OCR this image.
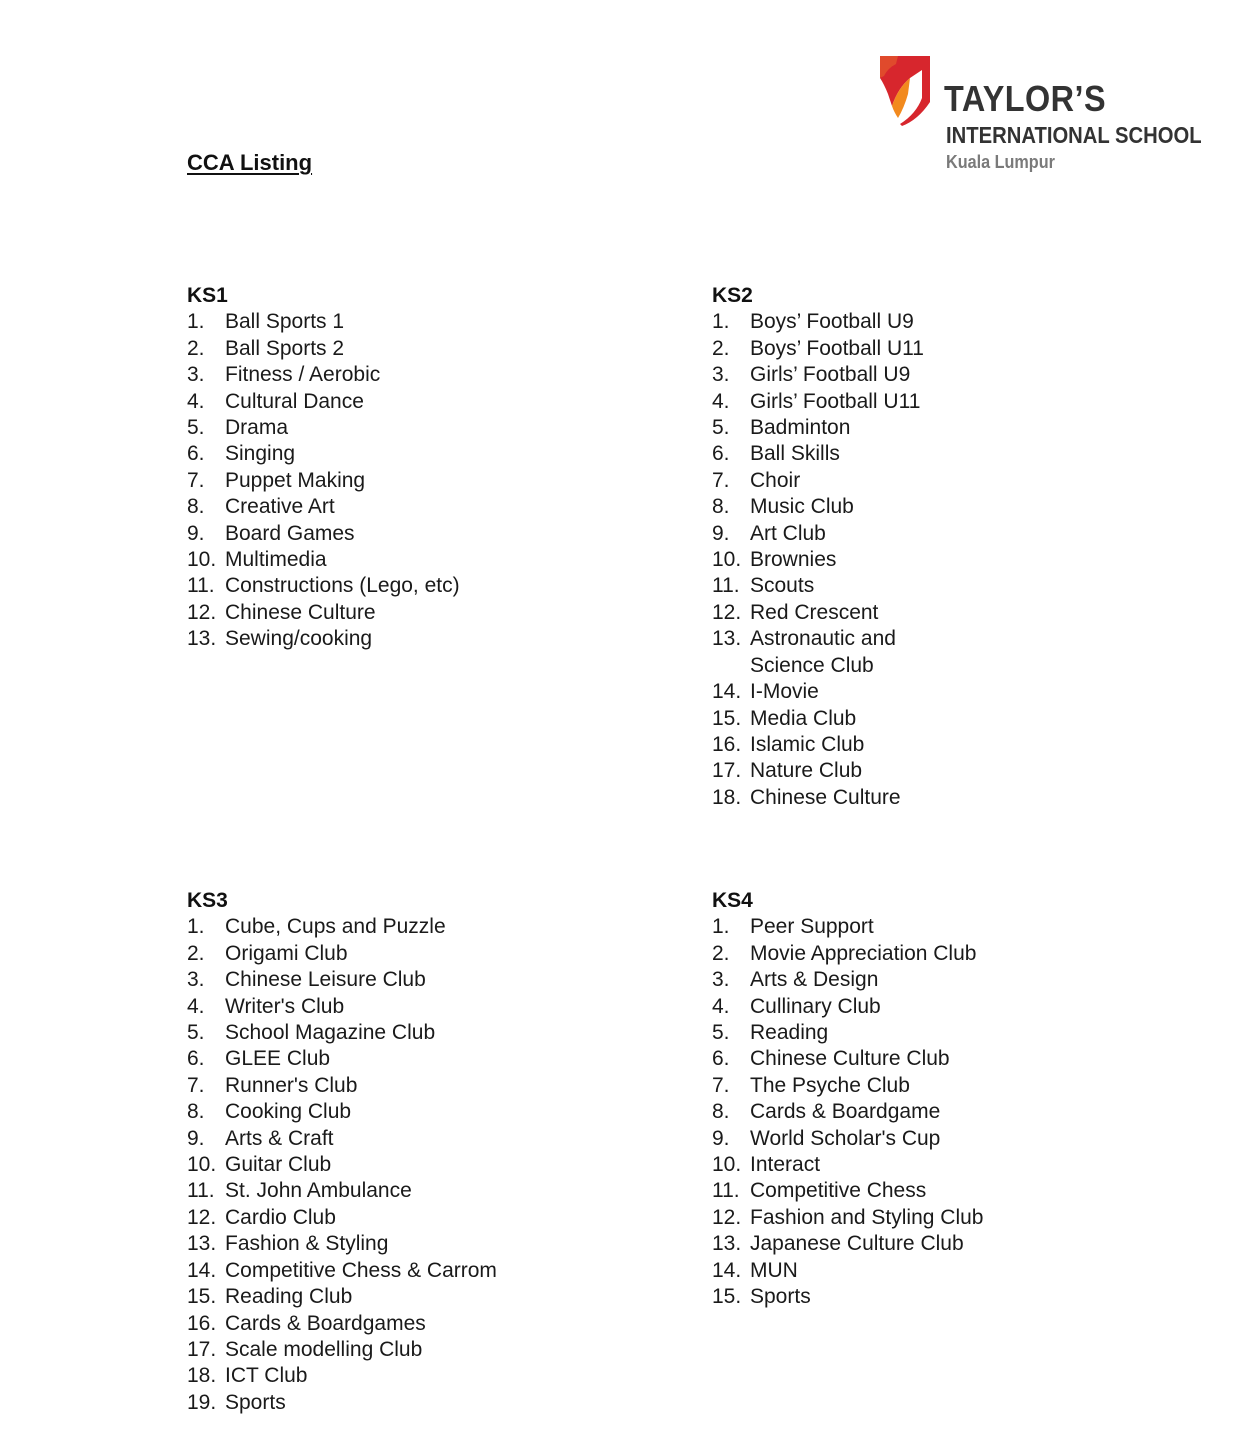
CCA Listing
TAYLOR’S
INTERNATIONAL SCHOOL
Kuala Lumpur
KS1
1. Ball Sports 1
2. Ball Sports 2
3. Fitness / Aerobic
4. Cultural Dance
5. Drama
6. Singing
7. Puppet Making
8. Creative Art
9. Board Games
10. Multimedia
11. Constructions (Lego, etc)
12. Chinese Culture
13. Sewing/cooking
KS2
1. Boys’ Football U9
2. Boys’ Football U11
3. Girls’ Football U9
4. Girls’ Football U11
5. Badminton
6. Ball Skills
7. Choir
8. Music Club
9. Art Club
10. Brownies
11. Scouts
12. Red Crescent
13. Astronautic and Science Club
14. I-Movie
15. Media Club
16. Islamic Club
17. Nature Club
18. Chinese Culture
KS3
1. Cube, Cups and Puzzle
2. Origami Club
3. Chinese Leisure Club
4. Writer's Club
5. School Magazine Club
6. GLEE Club
7. Runner's Club
8. Cooking Club
9. Arts & Craft
10. Guitar Club
11. St. John Ambulance
12. Cardio Club
13. Fashion & Styling
14. Competitive Chess & Carrom
15. Reading Club
16. Cards & Boardgames
17. Scale modelling Club
18. ICT Club
19. Sports
KS4
1. Peer Support
2. Movie Appreciation Club
3. Arts & Design
4. Cullinary Club
5. Reading
6. Chinese Culture Club
7. The Psyche Club
8. Cards & Boardgame
9. World Scholar's Cup
10. Interact
11. Competitive Chess
12. Fashion and Styling Club
13. Japanese Culture Club
14. MUN
15. Sports
